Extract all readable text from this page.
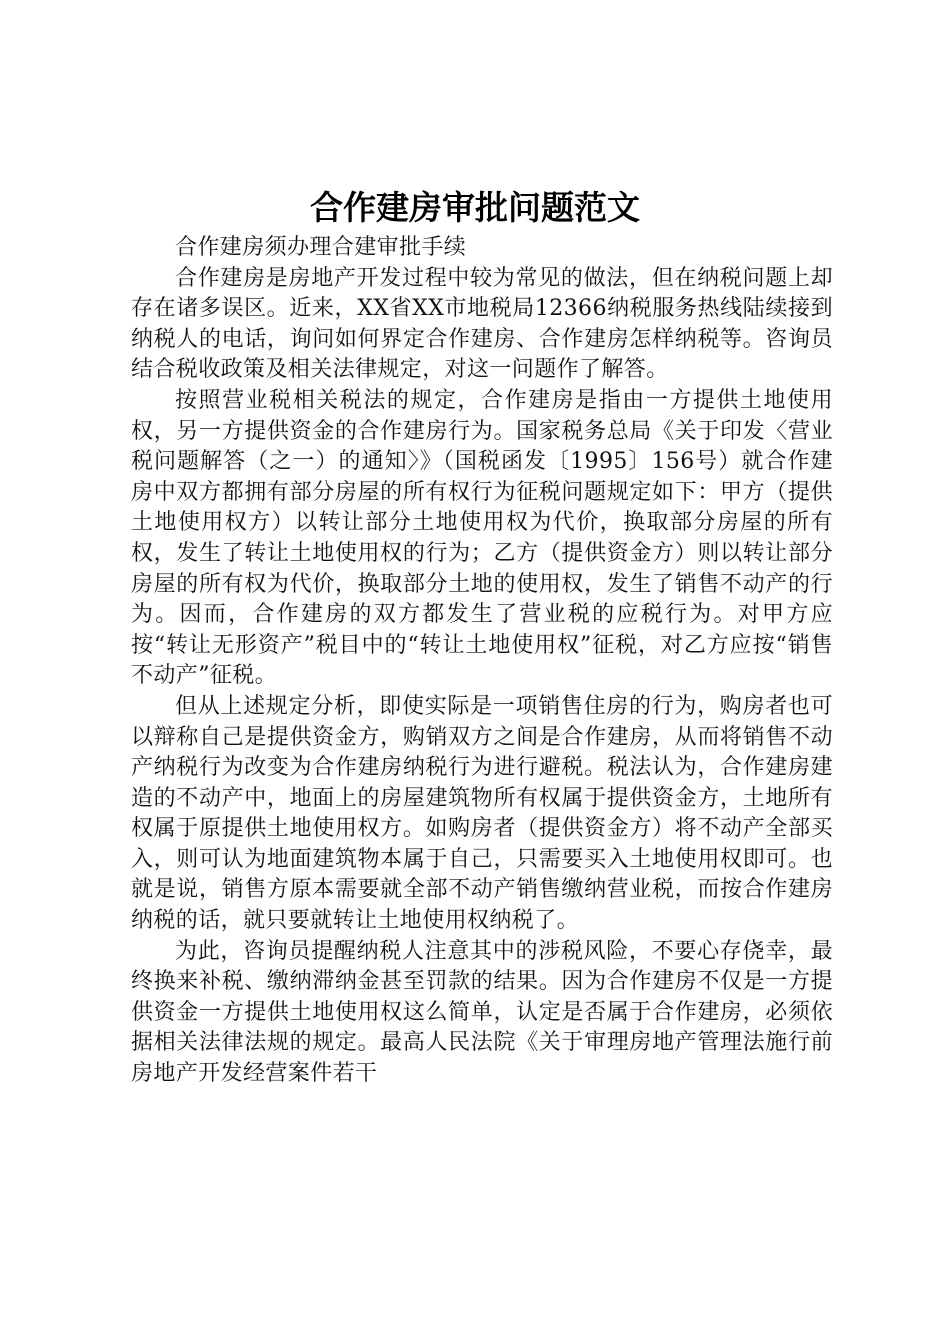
合作建房审批问题范文

合作建房须办理合建审批手续

合作建房是房地产开发过程中较为常见的做法，但在纳税问题上却存在诸多误区。近来，XX省XX市地税局12366纳税服务热线陆续接到纳税人的电话，询问如何界定合作建房、合作建房怎样纳税等。咨询员结合税收政策及相关法律规定，对这一问题作了解答。

按照营业税相关税法的规定，合作建房是指由一方提供土地使用权，另一方提供资金的合作建房行为。国家税务总局《关于印发〈营业税问题解答（之一）的通知〉》（国税函发〔1995〕156号）就合作建房中双方都拥有部分房屋的所有权行为征税问题规定如下：甲方（提供土地使用权方）以转让部分土地使用权为代价，换取部分房屋的所有权，发生了转让土地使用权的行为；乙方（提供资金方）则以转让部分房屋的所有权为代价，换取部分土地的使用权，发生了销售不动产的行为。因而，合作建房的双方都发生了营业税的应税行为。对甲方应按“转让无形资产”税目中的“转让土地使用权”征税，对乙方应按“销售不动产”征税。

但从上述规定分析，即使实际是一项销售住房的行为，购房者也可以辩称自己是提供资金方，购销双方之间是合作建房，从而将销售不动产纳税行为改变为合作建房纳税行为进行避税。税法认为，合作建房建造的不动产中，地面上的房屋建筑物所有权属于提供资金方，土地所有权属于原提供土地使用权方。如购房者（提供资金方）将不动产全部买入，则可认为地面建筑物本属于自己，只需要买入土地使用权即可。也就是说，销售方原本需要就全部不动产销售缴纳营业税，而按合作建房纳税的话，就只要就转让土地使用权纳税了。

为此，咨询员提醒纳税人注意其中的涉税风险，不要心存侥幸，最终换来补税、缴纳滞纳金甚至罚款的结果。因为合作建房不仅是一方提供资金一方提供土地使用权这么简单，认定是否属于合作建房，必须依据相关法律法规的规定。最高人民法院《关于审理房地产管理法施行前房地产开发经营案件若干
